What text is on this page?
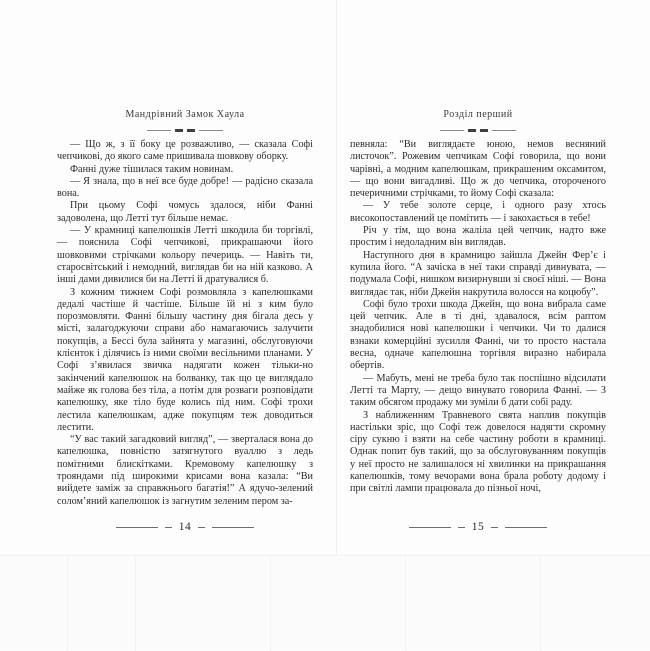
Мандрівний Замок Хаула

— Що ж, з її боку це розважливо, — сказала Софі чепчикові, до якого саме пришивала шовкову оборку.

Фанні дуже тішилася таким новинам.

— Я знала, що в неї все буде добре! — радісно сказала вона.

При цьому Софі чомусь здалося, ніби Фанні задоволена, що Летті тут більше немає.

— У крамниці капелюшків Летті шкодила би торгівлі, — пояснила Софі чепчикові, прикрашаючи його шовковими стрічками кольору печериць. — Навіть ти, старосвітський і немодний, виглядав би на ній казково. А інші дами дивилися би на Летті й дратувалися б.

З кожним тижнем Софі розмовляла з капелюшками дедалі частіше й частіше. Більше їй ні з ким було порозмовляти. Фанні більшу частину дня бігала десь у місті, залагоджуючи справи або намагаючись залучити покупців, а Бессі була зайнята у магазині, обслуговуючи клієнток і ділячись із ними своїми весільними планами. У Софі з’явилася звичка надягати кожен тільки-но закінчений капелюшок на болванку, так що це виглядало майже як голова без тіла, а потім для розваги розповідати капелюшку, яке тіло буде колись під ним. Софі трохи лестила капелюшкам, адже покупцям теж доводиться лестити.

“У вас такий загадковий вигляд”, — зверталася вона до капелюшка, повністю затягнутого вуаллю з ледь помітними блискітками. Кремовому капелюшку з трояндами під широкими крисами вона казала: “Ви вийдете заміж за справжнього багатія!” А ядучо-зелений солом’яний капелюшок із загнутим зеленим пером за-

14
Розділ перший

певняла: “Ви виглядаєте юною, немов весняний листочок”. Рожевим чепчикам Софі говорила, що вони чарівні, а модним капелюшкам, прикрашеним оксамитом, — що вони вигадливі. Що ж до чепчика, отороченого печеричними стрічками, то йому Софі сказала:

— У тебе золоте серце, і одного разу хтось високопоставлений це помітить — і закохається в тебе!

Річ у тім, що вона жаліла цей чепчик, надто вже простим і недоладним він виглядав.

Наступного дня в крамницю зайшла Джейн Фер’є і купила його. “А зачіска в неї таки справді дивнувата, — подумала Софі, нишком визирнувши зі своєї ніші. — Вона виглядає так, ніби Джейн накрутила волосся на коцюбу”.

Софі було трохи шкода Джейн, що вона вибрала саме цей чепчик. Але в ті дні, здавалося, всім раптом знадобилися нові капелюшки і чепчики. Чи то далися взнаки комерційні зусилля Фанні, чи то просто настала весна, одначе капелюшна торгівля виразно набирала обертів.

— Мабуть, мені не треба було так поспішно відсилати Летті та Марту, — дещо винувато говорила Фанні. — З таким обсягом продажу ми зуміли б дати собі раду.

З наближенням Травневого свята наплив покупців настільки зріс, що Софі теж довелося надягти скромну сіру сукню і взяти на себе частину роботи в крамниці. Однак попит був такий, що за обслуговуванням покупців у неї просто не залишалося ні хвилинки на прикрашання капелюшків, тому вечорами вона брала роботу додому і при світлі лампи працювала до пізньої ночі,

15
